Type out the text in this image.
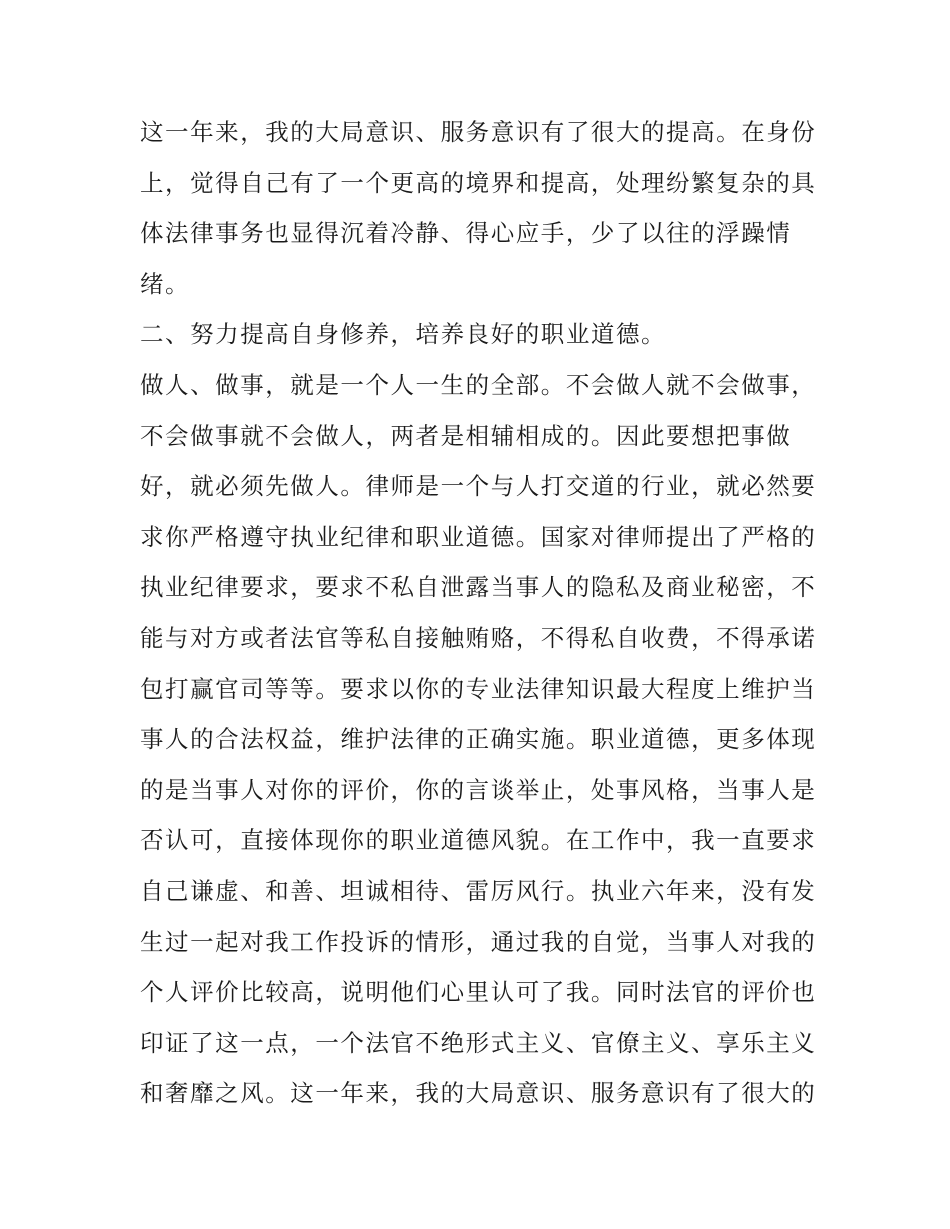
这一年来，我的大局意识、服务意识有了很大的提高。在身份
上，觉得自己有了一个更高的境界和提高，处理纷繁复杂的具
体法律事务也显得沉着冷静、得心应手，少了以往的浮躁情
绪。
二、努力提高自身修养，培养良好的职业道德。
做人、做事，就是一个人一生的全部。不会做人就不会做事，
不会做事就不会做人，两者是相辅相成的。因此要想把事做
好，就必须先做人。律师是一个与人打交道的行业，就必然要
求你严格遵守执业纪律和职业道德。国家对律师提出了严格的
执业纪律要求，要求不私自泄露当事人的隐私及商业秘密，不
能与对方或者法官等私自接触贿赂，不得私自收费，不得承诺
包打赢官司等等。要求以你的专业法律知识最大程度上维护当
事人的合法权益，维护法律的正确实施。职业道德，更多体现
的是当事人对你的评价，你的言谈举止，处事风格，当事人是
否认可，直接体现你的职业道德风貌。在工作中，我一直要求
自己谦虚、和善、坦诚相待、雷厉风行。执业六年来，没有发
生过一起对我工作投诉的情形，通过我的自觉，当事人对我的
个人评价比较高，说明他们心里认可了我。同时法官的评价也
印证了这一点，一个法官不绝形式主义、官僚主义、享乐主义
和奢靡之风。这一年来，我的大局意识、服务意识有了很大的
